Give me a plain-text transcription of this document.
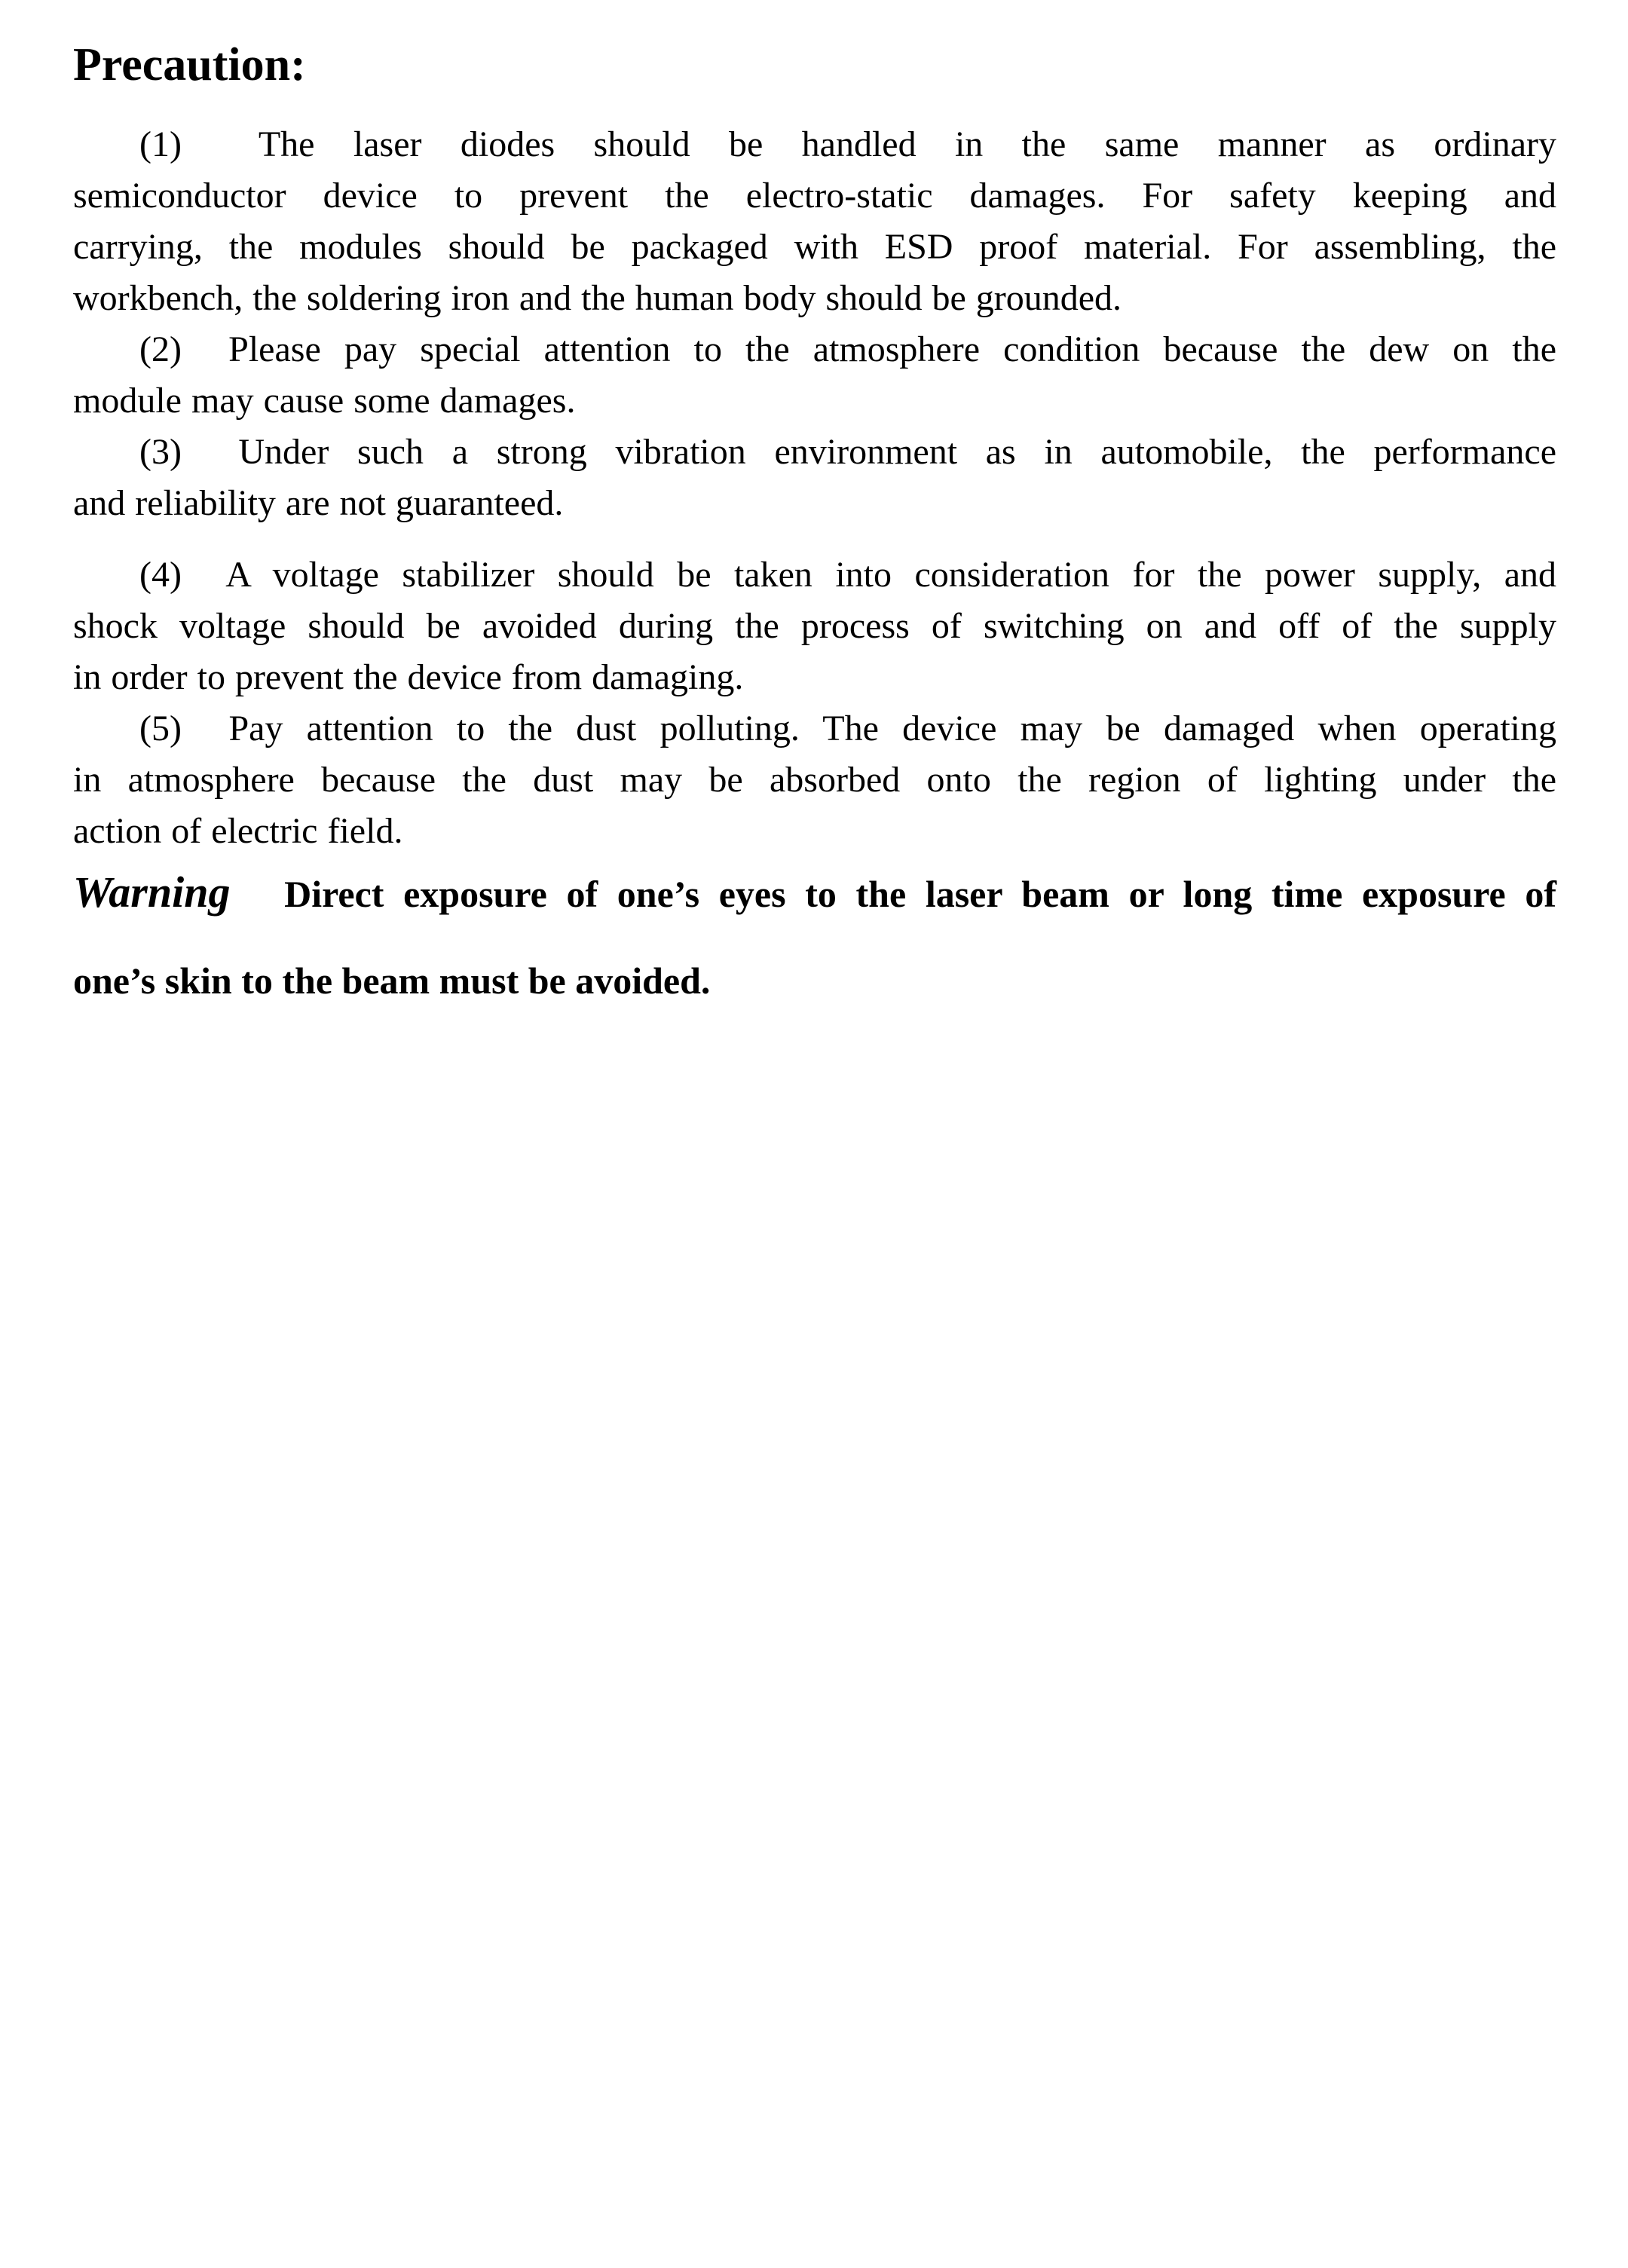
Precaution:
(1)  The laser diodes should be handled in the same manner as ordinary
semiconductor device to prevent the electro-static damages. For safety keeping and
carrying, the modules should be packaged with ESD proof material. For assembling, the
workbench, the soldering iron and the human body should be grounded.
(2)  Please pay special attention to the atmosphere condition because the dew on the
module may cause some damages.
(3)  Under such a strong vibration environment as in automobile, the performance
and reliability are not guaranteed.
(4)  A voltage stabilizer should be taken into consideration for the power supply, and
shock voltage should be avoided during the process of switching on and off of the supply
in order to prevent the device from damaging.
(5)  Pay attention to the dust polluting. The device may be damaged when operating
in atmosphere because the dust may be absorbed onto the region of lighting under the
action of electric field.
Warning Direct exposure of one’s eyes to the laser beam or long time exposure of
one’s skin to the beam must be avoided.
